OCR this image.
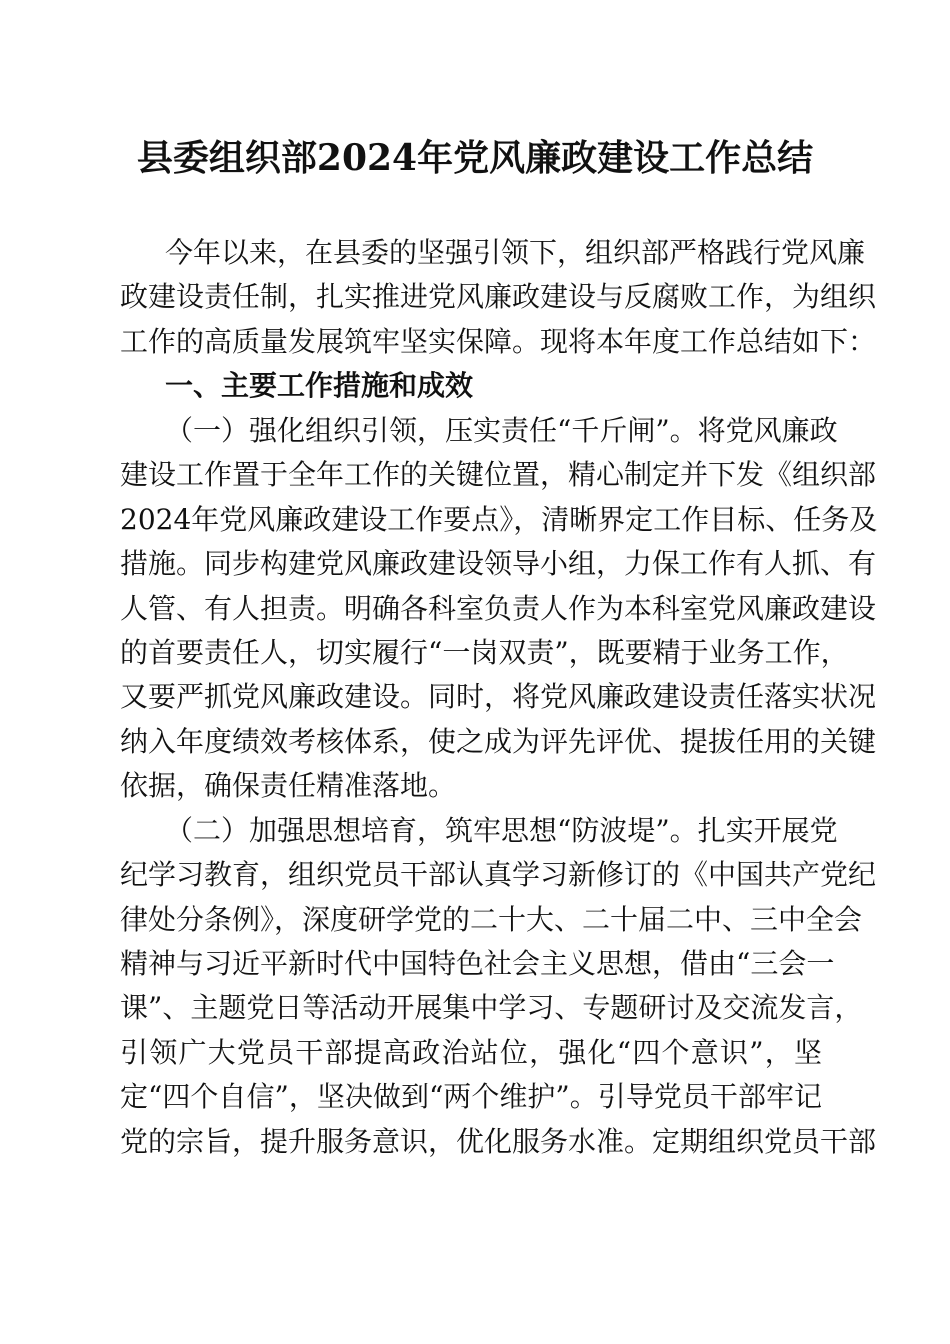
县委组织部2024年党风廉政建设工作总结
今年以来，在县委的坚强引领下，组织部严格践行党风廉
政建设责任制，扎实推进党风廉政建设与反腐败工作，为组织
工作的高质量发展筑牢坚实保障。现将本年度工作总结如下：
一、主要工作措施和成效
（一）强化组织引领，压实责任“千斤闸”。将党风廉政
建设工作置于全年工作的关键位置，精心制定并下发《组织部
2024年党风廉政建设工作要点》，清晰界定工作目标、任务及
措施。同步构建党风廉政建设领导小组，力保工作有人抓、有
人管、有人担责。明确各科室负责人作为本科室党风廉政建设
的首要责任人，切实履行“一岗双责”，既要精于业务工作，
又要严抓党风廉政建设。同时，将党风廉政建设责任落实状况
纳入年度绩效考核体系，使之成为评先评优、提拔任用的关键
依据，确保责任精准落地。
（二）加强思想培育，筑牢思想“防波堤”。扎实开展党
纪学习教育，组织党员干部认真学习新修订的《中国共产党纪
律处分条例》，深度研学党的二十大、二十届二中、三中全会
精神与习近平新时代中国特色社会主义思想，借由“三会一
课”、主题党日等活动开展集中学习、专题研讨及交流发言，
引领广大党员干部提高政治站位，强化“四个意识”，坚
定“四个自信”，坚决做到“两个维护”。引导党员干部牢记
党的宗旨，提升服务意识，优化服务水准。定期组织党员干部
